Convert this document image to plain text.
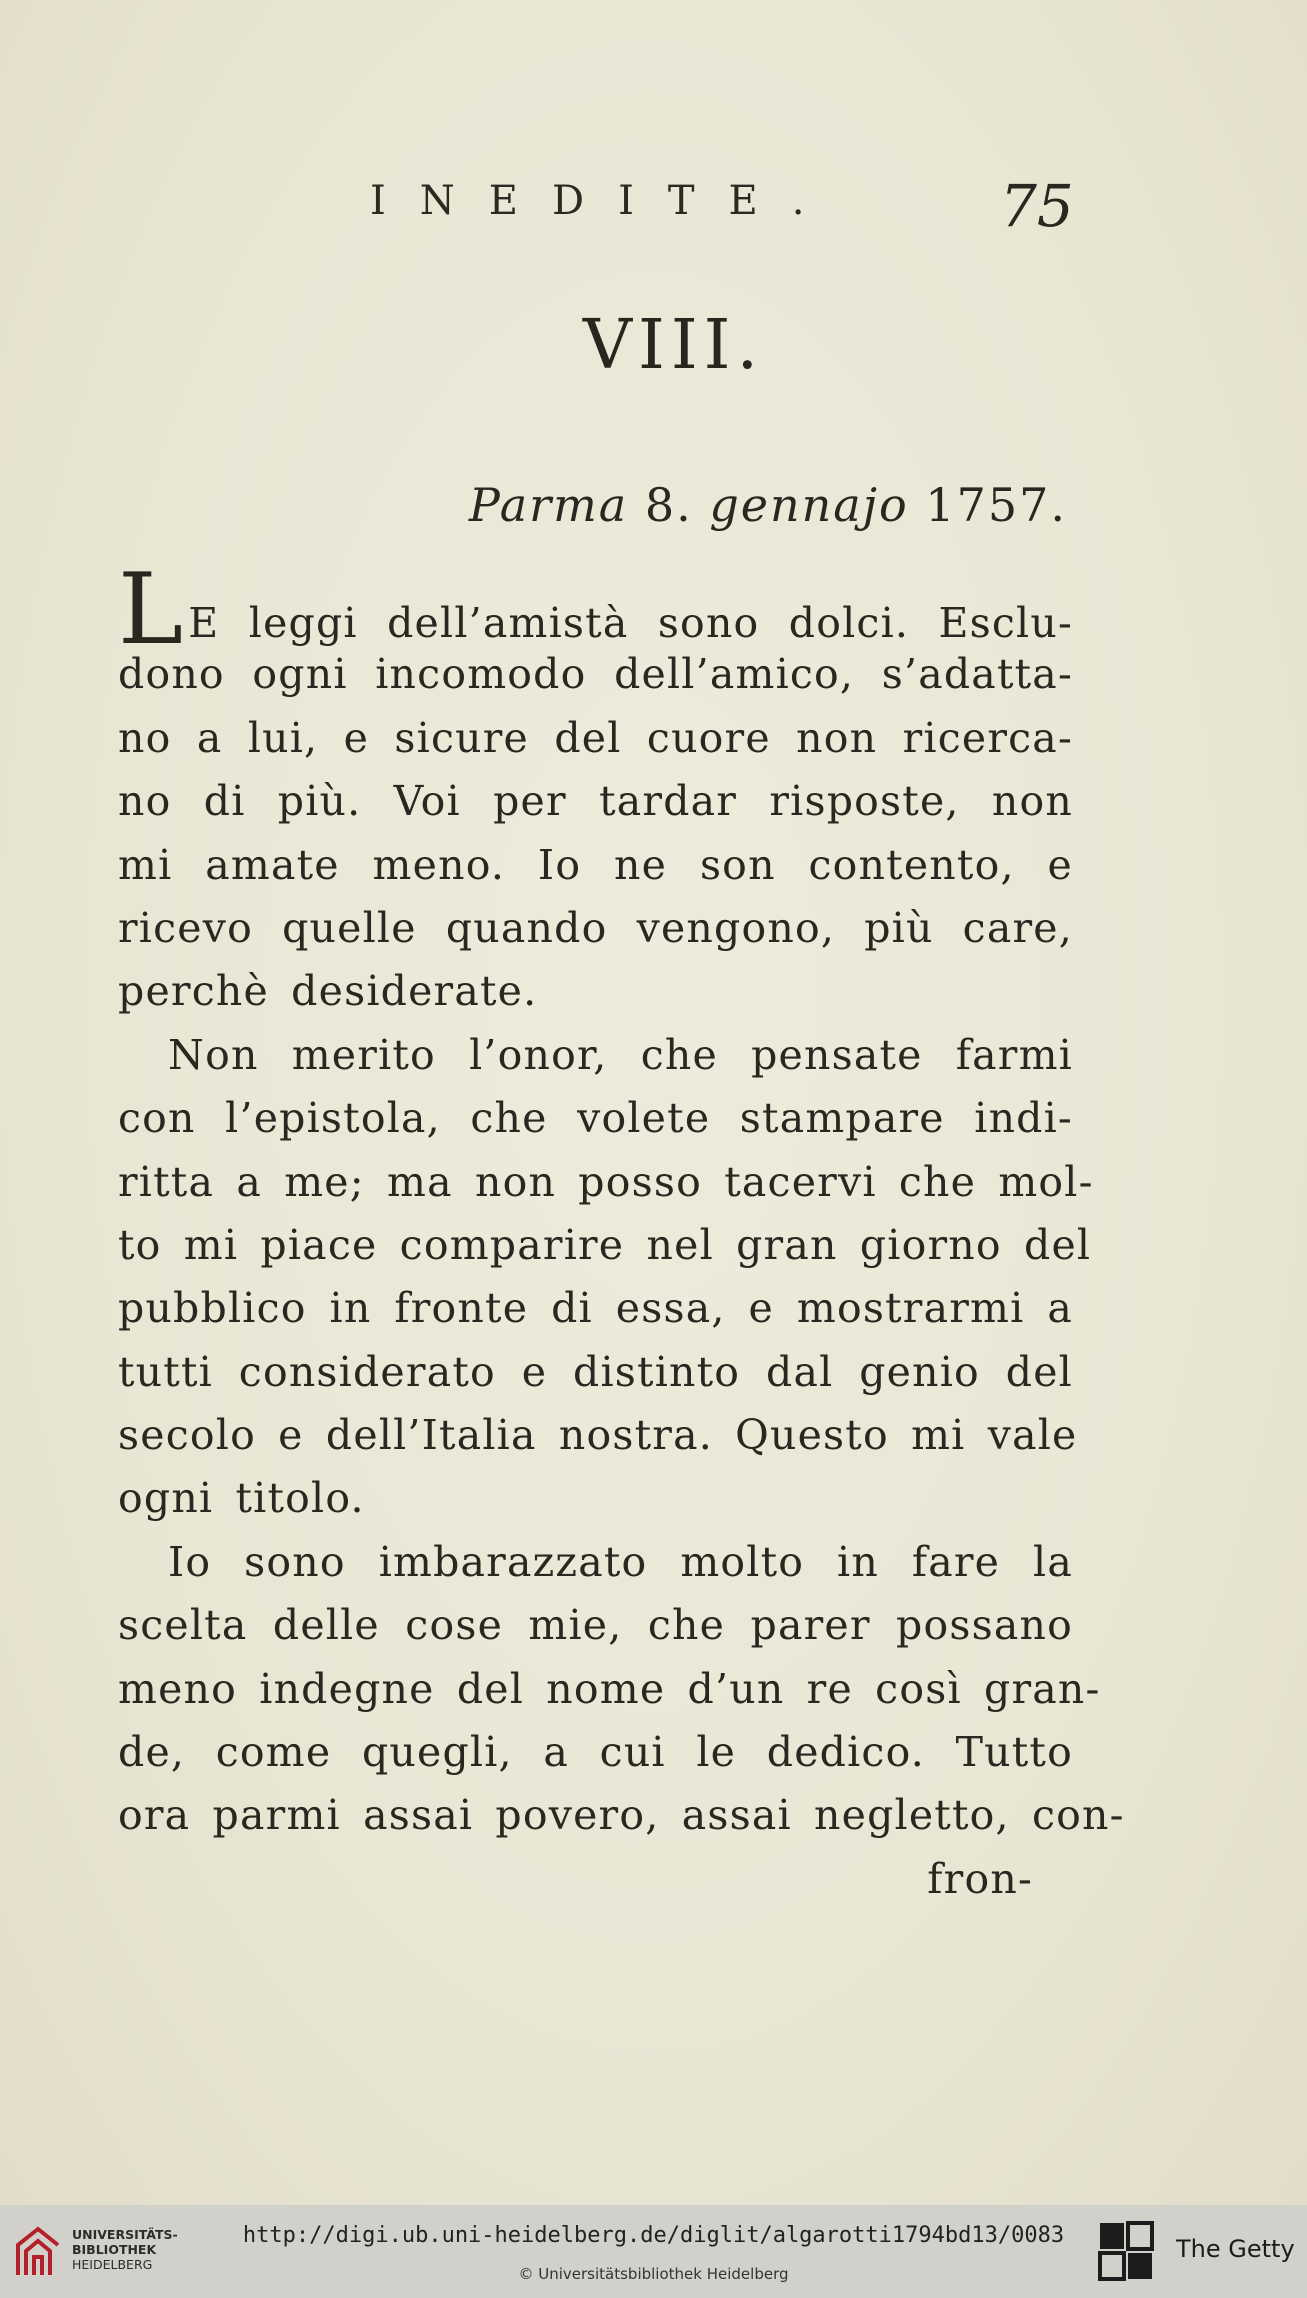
INEDITE.	75
VIII.
Parma 8. gennajo 1757.
LE leggi dell’amistà sono dolci. Esclu-
dono ogni incomodo dell’amico, s’adatta-
no a lui, e sicure del cuore non ricerca-
no di più. Voi per tardar risposte, non
mi amate meno. Io ne son contento, e
ricevo quelle quando vengono, più care,
perchè desiderate.
Non merito l’onor, che pensate farmi
con l’epistola, che volete stampare indi-
ritta a me; ma non posso tacervi che mol-
to mi piace comparire nel gran giorno del
pubblico in fronte di essa, e mostrarmi a
tutti considerato e distinto dal genio del
secolo e dell’Italia nostra. Questo mi vale
ogni titolo.
Io sono imbarazzato molto in fare la
scelta delle cose mie, che parer possano
meno indegne del nome d’un re così gran-
de, come quegli, a cui le dedico. Tutto
ora parmi assai povero, assai negletto, con-
fron-
UNIVERSITÄTS-
BIBLIOTHEK
HEIDELBERG
http://digi.ub.uni-heidelberg.de/diglit/algarotti1794bd13/0083
© Universitätsbibliothek Heidelberg
The Getty
